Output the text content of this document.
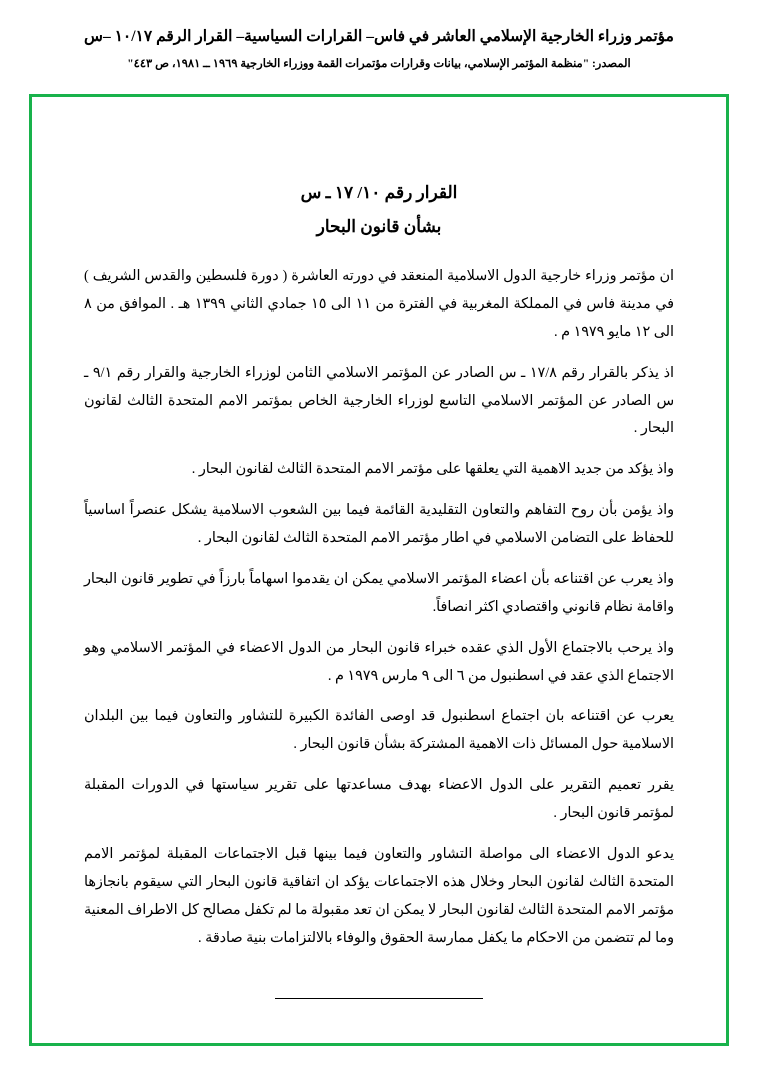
مؤتمر وزراء الخارجية الإسلامي العاشر في فاس– القرارات السياسية– القرار الرقم ١٠/١٧ –س
المصدر: "منظمة المؤتمر الإسلامي، بيانات وقرارات مؤتمرات القمة ووزراء الخارجية ١٩٦٩ ــ ١٩٨١، ص ٤٤٣"
القرار رقم ١٠/ ١٧ ـ س
بشأن قانون البحار

ان مؤتمر وزراء خارجية الدول الاسلامية المنعقد في دورته العاشرة ( دورة فلسطين والقدس الشريف ) في مدينة فاس في المملكة المغربية في الفترة من ١١ الى ١٥ جمادي الثاني ١٣٩٩ هـ . الموافق من ٨ الى ١٢ مايو ١٩٧٩ م .

اذ يذكر بالقرار رقم ١٧/٨ ـ س الصادر عن المؤتمر الاسلامي الثامن لوزراء الخارجية والقرار رقم ٩/١ ـ س الصادر عن المؤتمر الاسلامي التاسع لوزراء الخارجية الخاص بمؤتمر الامم المتحدة الثالث لقانون البحار .

واذ يؤكد من جديد الاهمية التي يعلقها على مؤتمر الامم المتحدة الثالث لقانون البحار .

واذ يؤمن بأن روح التفاهم والتعاون التقليدية القائمة فيما بين الشعوب الاسلامية يشكل عنصراً اساسياً للحفاظ على التضامن الاسلامي في اطار مؤتمر الامم المتحدة الثالث لقانون البحار .

واذ يعرب عن اقتناعه بأن اعضاء المؤتمر الاسلامي يمكن ان يقدموا اسهاماً بارزاً في تطوير قانون البحار واقامة نظام قانوني واقتصادي اكثر انصافاً.

واذ يرحب بالاجتماع الأول الذي عقده خبراء قانون البحار من الدول الاعضاء في المؤتمر الاسلامي وهو الاجتماع الذي عقد في اسطنبول من ٦ الى ٩ مارس ١٩٧٩ م .

يعرب عن اقتناعه بان اجتماع اسطنبول قد اوصى الفائدة الكبيرة للتشاور والتعاون فيما بين البلدان الاسلامية حول المسائل ذات الاهمية المشتركة بشأن قانون البحار .

يقرر تعميم التقرير على الدول الاعضاء بهدف مساعدتها على تقرير سياستها في الدورات المقبلة لمؤتمر قانون البحار .

يدعو الدول الاعضاء الى مواصلة التشاور والتعاون فيما بينها قبل الاجتماعات المقبلة لمؤتمر الامم المتحدة الثالث لقانون البحار وخلال هذه الاجتماعات يؤكد ان اتفاقية قانون البحار التي سيقوم بانجازها مؤتمر الامم المتحدة الثالث لقانون البحار لا يمكن ان تعد مقبولة ما لم تكفل مصالح كل الاطراف المعنية وما لم تتضمن من الاحكام ما يكفل ممارسة الحقوق والوفاء بالالتزامات بنية صادقة .
